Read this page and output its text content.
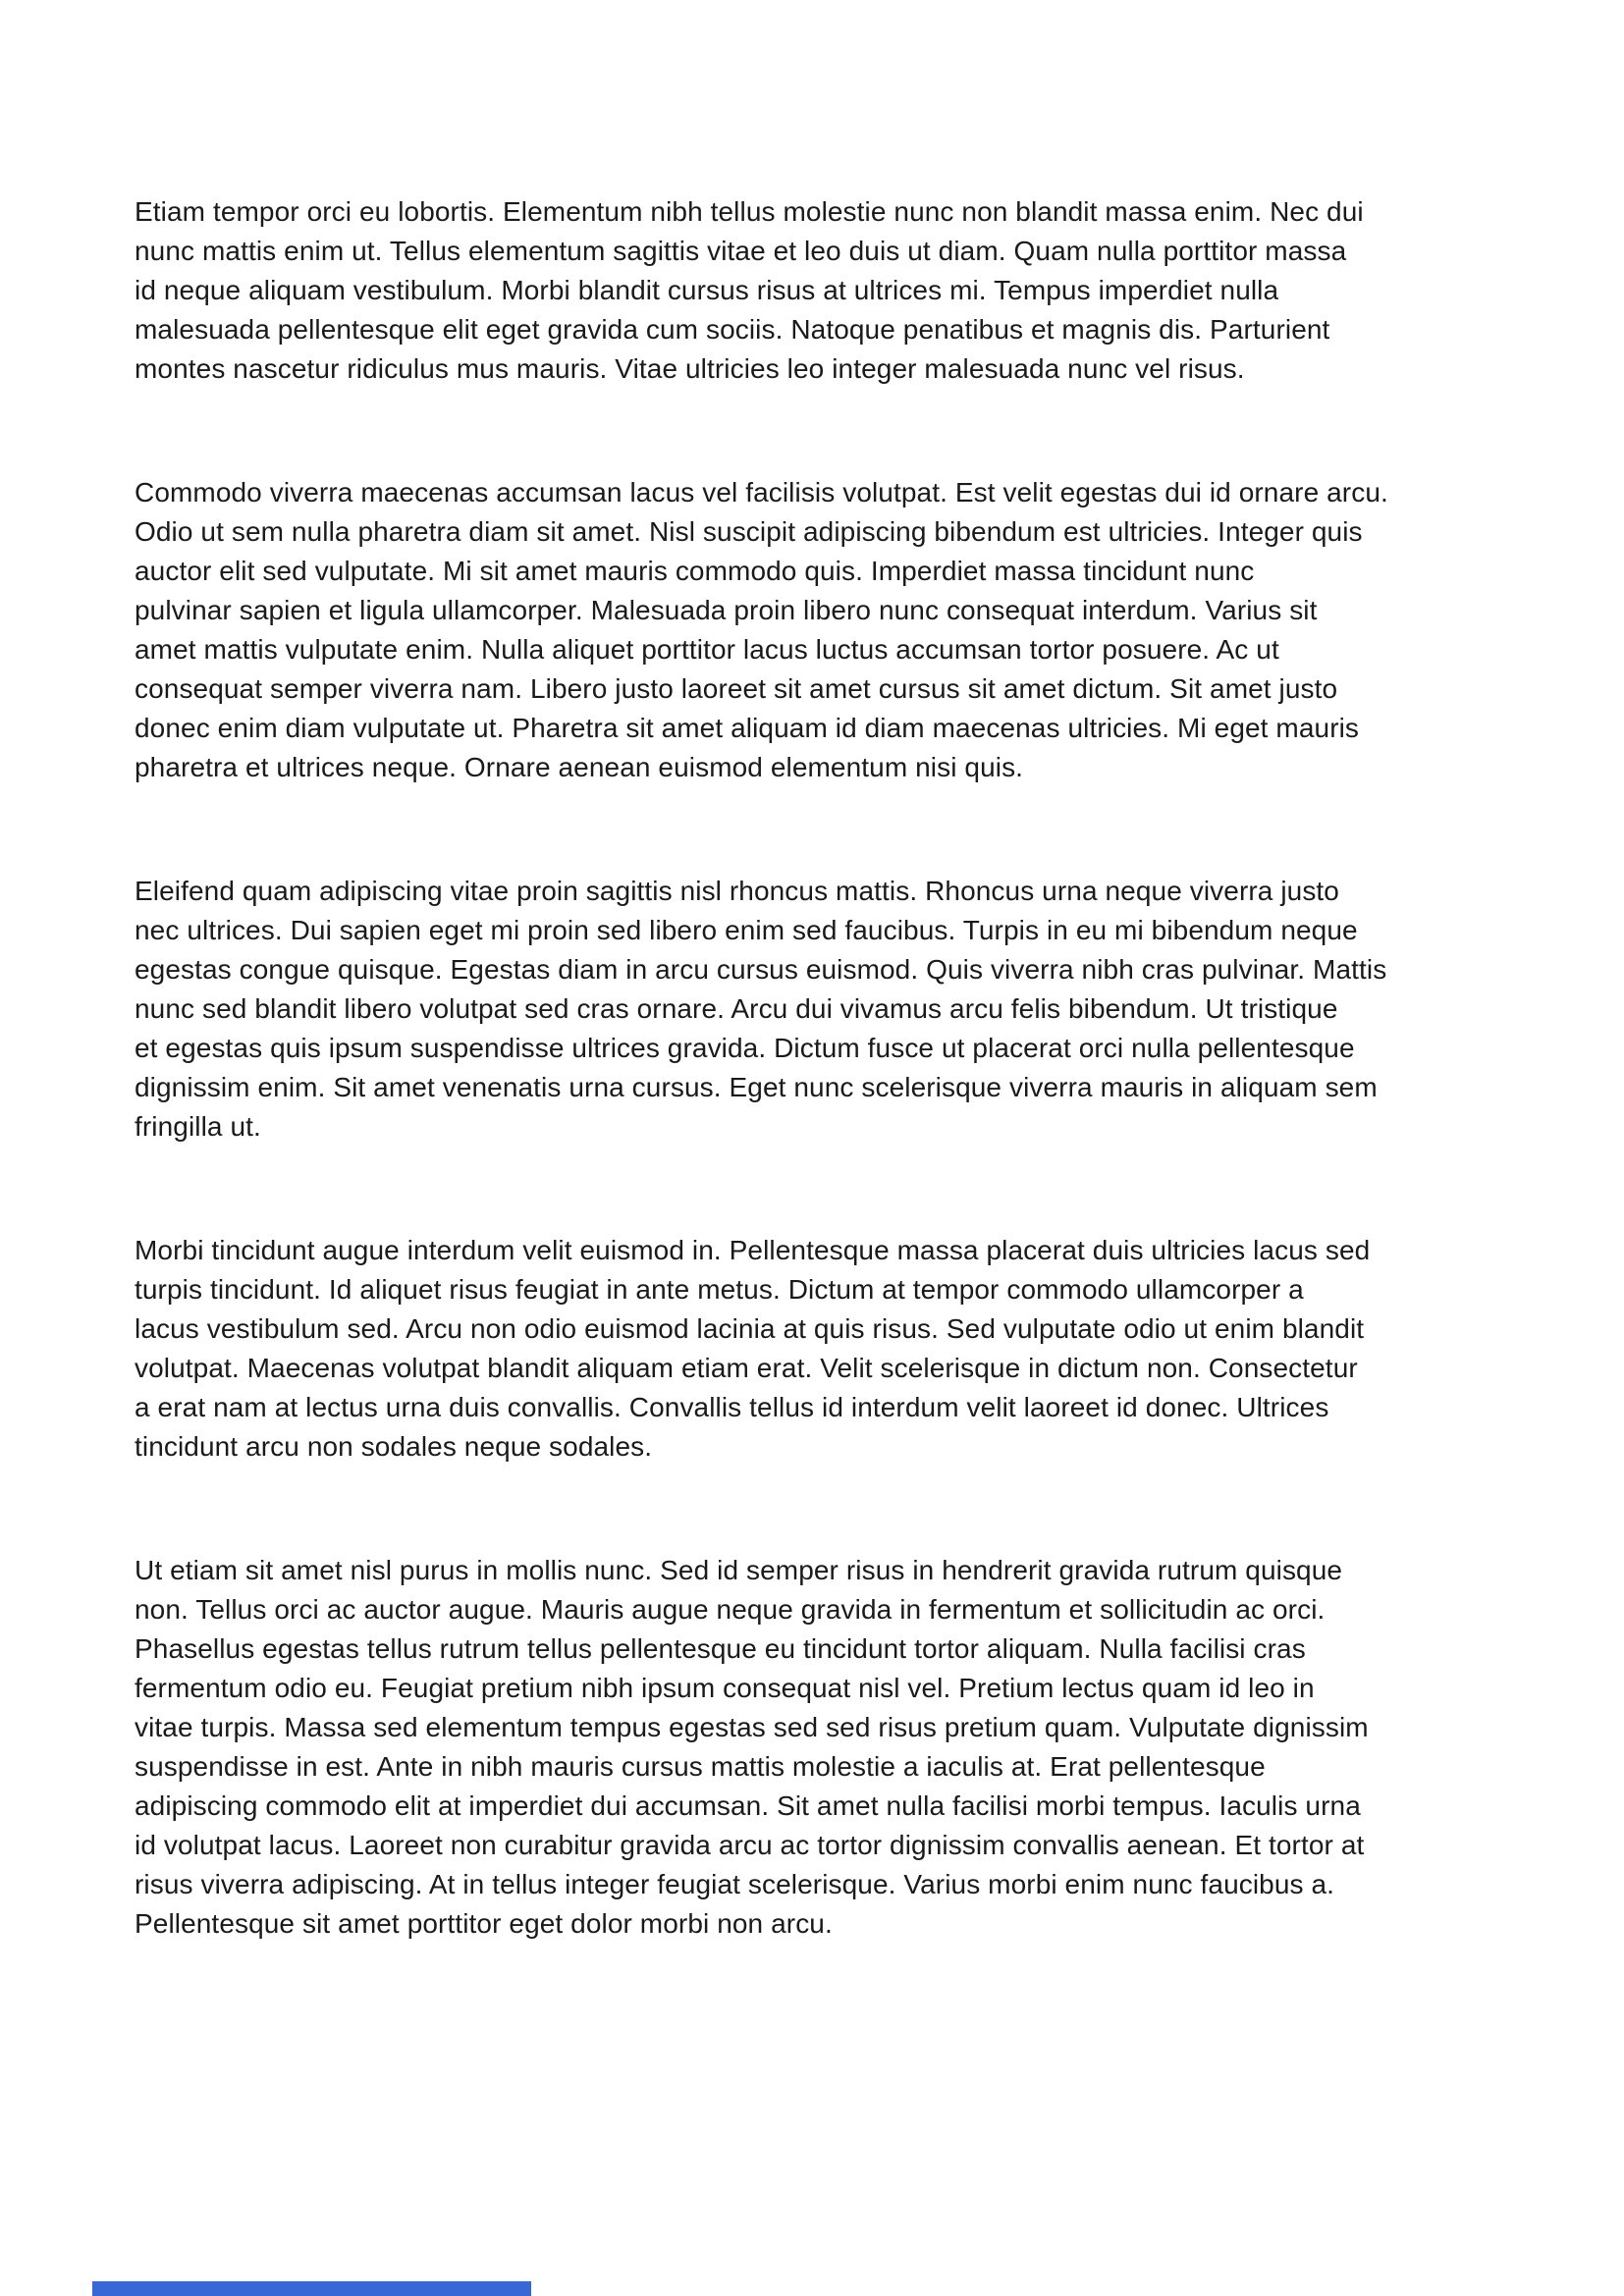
Etiam tempor orci eu lobortis. Elementum nibh tellus molestie nunc non blandit massa enim. Nec dui
nunc mattis enim ut. Tellus elementum sagittis vitae et leo duis ut diam. Quam nulla porttitor massa
id neque aliquam vestibulum. Morbi blandit cursus risus at ultrices mi. Tempus imperdiet nulla
malesuada pellentesque elit eget gravida cum sociis. Natoque penatibus et magnis dis. Parturient
montes nascetur ridiculus mus mauris. Vitae ultricies leo integer malesuada nunc vel risus.
Commodo viverra maecenas accumsan lacus vel facilisis volutpat. Est velit egestas dui id ornare arcu.
Odio ut sem nulla pharetra diam sit amet. Nisl suscipit adipiscing bibendum est ultricies. Integer quis
auctor elit sed vulputate. Mi sit amet mauris commodo quis. Imperdiet massa tincidunt nunc
pulvinar sapien et ligula ullamcorper. Malesuada proin libero nunc consequat interdum. Varius sit
amet mattis vulputate enim. Nulla aliquet porttitor lacus luctus accumsan tortor posuere. Ac ut
consequat semper viverra nam. Libero justo laoreet sit amet cursus sit amet dictum. Sit amet justo
donec enim diam vulputate ut. Pharetra sit amet aliquam id diam maecenas ultricies. Mi eget mauris
pharetra et ultrices neque. Ornare aenean euismod elementum nisi quis.
Eleifend quam adipiscing vitae proin sagittis nisl rhoncus mattis. Rhoncus urna neque viverra justo
nec ultrices. Dui sapien eget mi proin sed libero enim sed faucibus. Turpis in eu mi bibendum neque
egestas congue quisque. Egestas diam in arcu cursus euismod. Quis viverra nibh cras pulvinar. Mattis
nunc sed blandit libero volutpat sed cras ornare. Arcu dui vivamus arcu felis bibendum. Ut tristique
et egestas quis ipsum suspendisse ultrices gravida. Dictum fusce ut placerat orci nulla pellentesque
dignissim enim. Sit amet venenatis urna cursus. Eget nunc scelerisque viverra mauris in aliquam sem
fringilla ut.
Morbi tincidunt augue interdum velit euismod in. Pellentesque massa placerat duis ultricies lacus sed
turpis tincidunt. Id aliquet risus feugiat in ante metus. Dictum at tempor commodo ullamcorper a
lacus vestibulum sed. Arcu non odio euismod lacinia at quis risus. Sed vulputate odio ut enim blandit
volutpat. Maecenas volutpat blandit aliquam etiam erat. Velit scelerisque in dictum non. Consectetur
a erat nam at lectus urna duis convallis. Convallis tellus id interdum velit laoreet id donec. Ultrices
tincidunt arcu non sodales neque sodales.
Ut etiam sit amet nisl purus in mollis nunc. Sed id semper risus in hendrerit gravida rutrum quisque
non. Tellus orci ac auctor augue. Mauris augue neque gravida in fermentum et sollicitudin ac orci.
Phasellus egestas tellus rutrum tellus pellentesque eu tincidunt tortor aliquam. Nulla facilisi cras
fermentum odio eu. Feugiat pretium nibh ipsum consequat nisl vel. Pretium lectus quam id leo in
vitae turpis. Massa sed elementum tempus egestas sed sed risus pretium quam. Vulputate dignissim
suspendisse in est. Ante in nibh mauris cursus mattis molestie a iaculis at. Erat pellentesque
adipiscing commodo elit at imperdiet dui accumsan. Sit amet nulla facilisi morbi tempus. Iaculis urna
id volutpat lacus. Laoreet non curabitur gravida arcu ac tortor dignissim convallis aenean. Et tortor at
risus viverra adipiscing. At in tellus integer feugiat scelerisque. Varius morbi enim nunc faucibus a.
Pellentesque sit amet porttitor eget dolor morbi non arcu.
